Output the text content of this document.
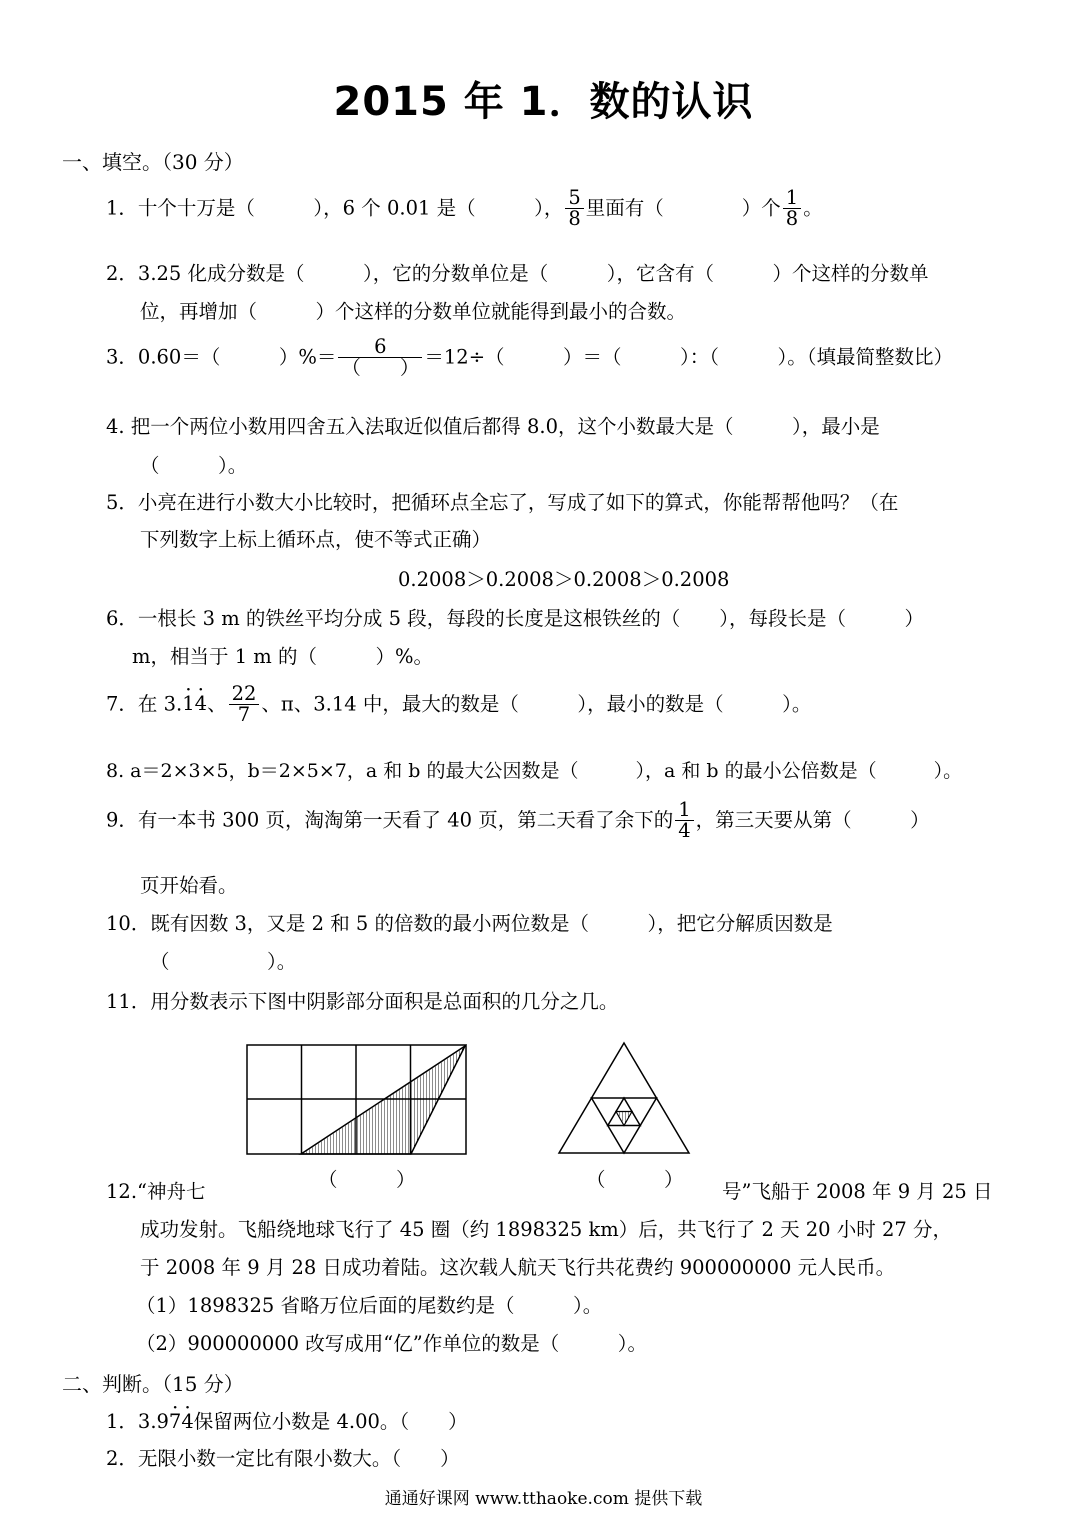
2015 年 1．数的认识
一、填空。（30 分）
1．十个十万是（　　　），6 个 0.01 是（　　　）， $\frac{5}{8}$ 里面有（　　　　）个 $\frac{1}{8}$ 。
2．3.25 化成分数是（　　　），它的分数单位是（　　　），它含有（　　　）个这样的分数单
位，再增加（　　　）个这样的分数单位就能得到最小的合数。
3．0.60＝（　　　）%＝ $\frac{6}{( )} =12\div$（　　　）＝（　　　）：（　　　）。（填最简整数比）
4. 把一个两位小数用四舍五入法取近似值后都得 8.0，这个小数最大是（　　　），最小是
（　　　）。
5．小亮在进行小数大小比较时，把循环点全忘了，写成了如下的算式，你能帮帮他吗？（在
下列数字上标上循环点，使不等式正确）
0.2008＞0.2008＞0.2008＞0.2008
6．一根长 3 m 的铁丝平均分成 5 段，每段的长度是这根铁丝的（　　），每段长是（　　　）
m，相当于 1 m 的（　　　）%。
7．在 3.1 ·4 ·、 $\frac{22}{7}$ 、π、3.14 中，最大的数是（　　　），最小的数是（　　　）。
8. a＝2×3×5，b＝2×5×7，a 和 b 的最大公因数是（　　　），a 和 b 的最小公倍数是（　　　）。
9．有一本书 300 页，淘淘第一天看了 40 页，第二天看了余下的 $\frac{1}{4}$ ，第三天要从第（　　　）
页开始看。
10．既有因数 3，又是 2 和 5 的倍数的最小两位数是（　　　），把它分解质因数是
（　　　　　）。
11．用分数表示下图中阴影部分面积是总面积的几分之几。
（　　　）	（　　　）
12.“神舟七	号”飞船于 2008 年 9 月 25 日
成功发射。飞船绕地球飞行了 45 圈（约 1898325 km）后，共飞行了 2 天 20 小时 27 分，
于 2008 年 9 月 28 日成功着陆。这次载人航天飞行共花费约 900000000 元人民币。
（1）1898325 省略万位后面的尾数约是（　　　）。
（2）900000000 改写成用“亿”作单位的数是（　　　）。
二、判断。（15 分）
1．3.97 ·4 ·保留两位小数是 4.00。（　　）
2．无限小数一定比有限小数大。（　　）
通通好课网 www.tthaoke.com 提供下载
